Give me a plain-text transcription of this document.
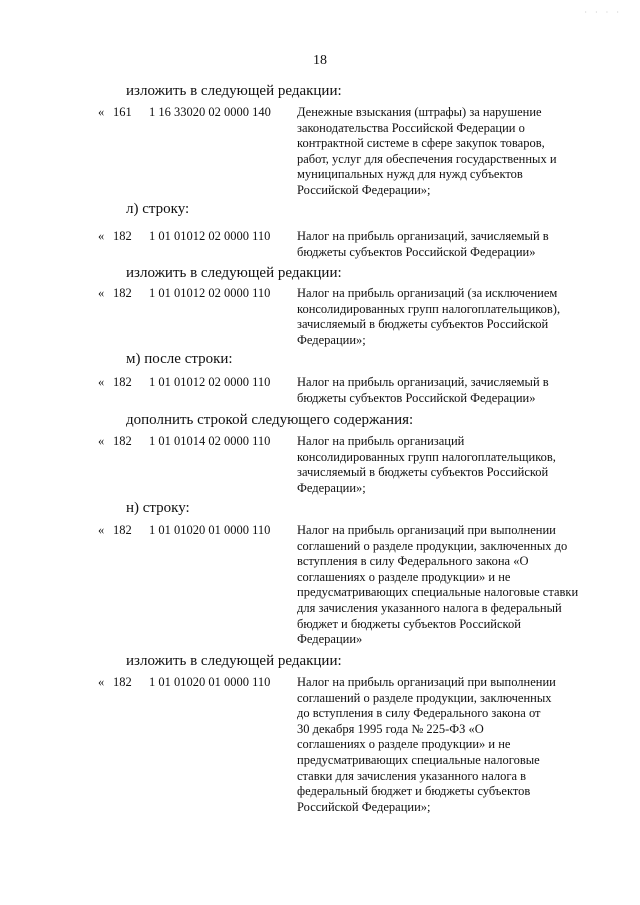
· · · ·
18
изложить в следующей редакции:
« 161 1 16 33020 02 0000 140 Денежные взыскания (штрафы) за нарушение
законодательства Российской Федерации о
контрактной системе в сфере закупок товаров,
работ, услуг для обеспечения государственных и
муниципальных нужд для нужд субъектов
Российской Федерации»;
л) строку:
« 182 1 01 01012 02 0000 110 Налог на прибыль организаций, зачисляемый в
бюджеты субъектов Российской Федерации»
изложить в следующей редакции:
« 182 1 01 01012 02 0000 110 Налог на прибыль организаций (за исключением
консолидированных групп налогоплательщиков),
зачисляемый в бюджеты субъектов Российской
Федерации»;
м) после строки:
« 182 1 01 01012 02 0000 110 Налог на прибыль организаций, зачисляемый в
бюджеты субъектов Российской Федерации»
дополнить строкой следующего содержания:
« 182 1 01 01014 02 0000 110 Налог на прибыль организаций
консолидированных групп налогоплательщиков,
зачисляемый в бюджеты субъектов Российской
Федерации»;
н) строку:
« 182 1 01 01020 01 0000 110 Налог на прибыль организаций при выполнении
соглашений о разделе продукции, заключенных до
вступления в силу Федерального закона «О
соглашениях о разделе продукции» и не
предусматривающих специальные налоговые ставки
для зачисления указанного налога в федеральный
бюджет и бюджеты субъектов Российской
Федерации»
изложить в следующей редакции:
« 182 1 01 01020 01 0000 110 Налог на прибыль организаций при выполнении
соглашений о разделе продукции, заключенных
до вступления в силу Федерального закона от
30 декабря 1995 года № 225-ФЗ «О
соглашениях о разделе продукции» и не
предусматривающих специальные налоговые
ставки для зачисления указанного налога в
федеральный бюджет и бюджеты субъектов
Российской Федерации»;
